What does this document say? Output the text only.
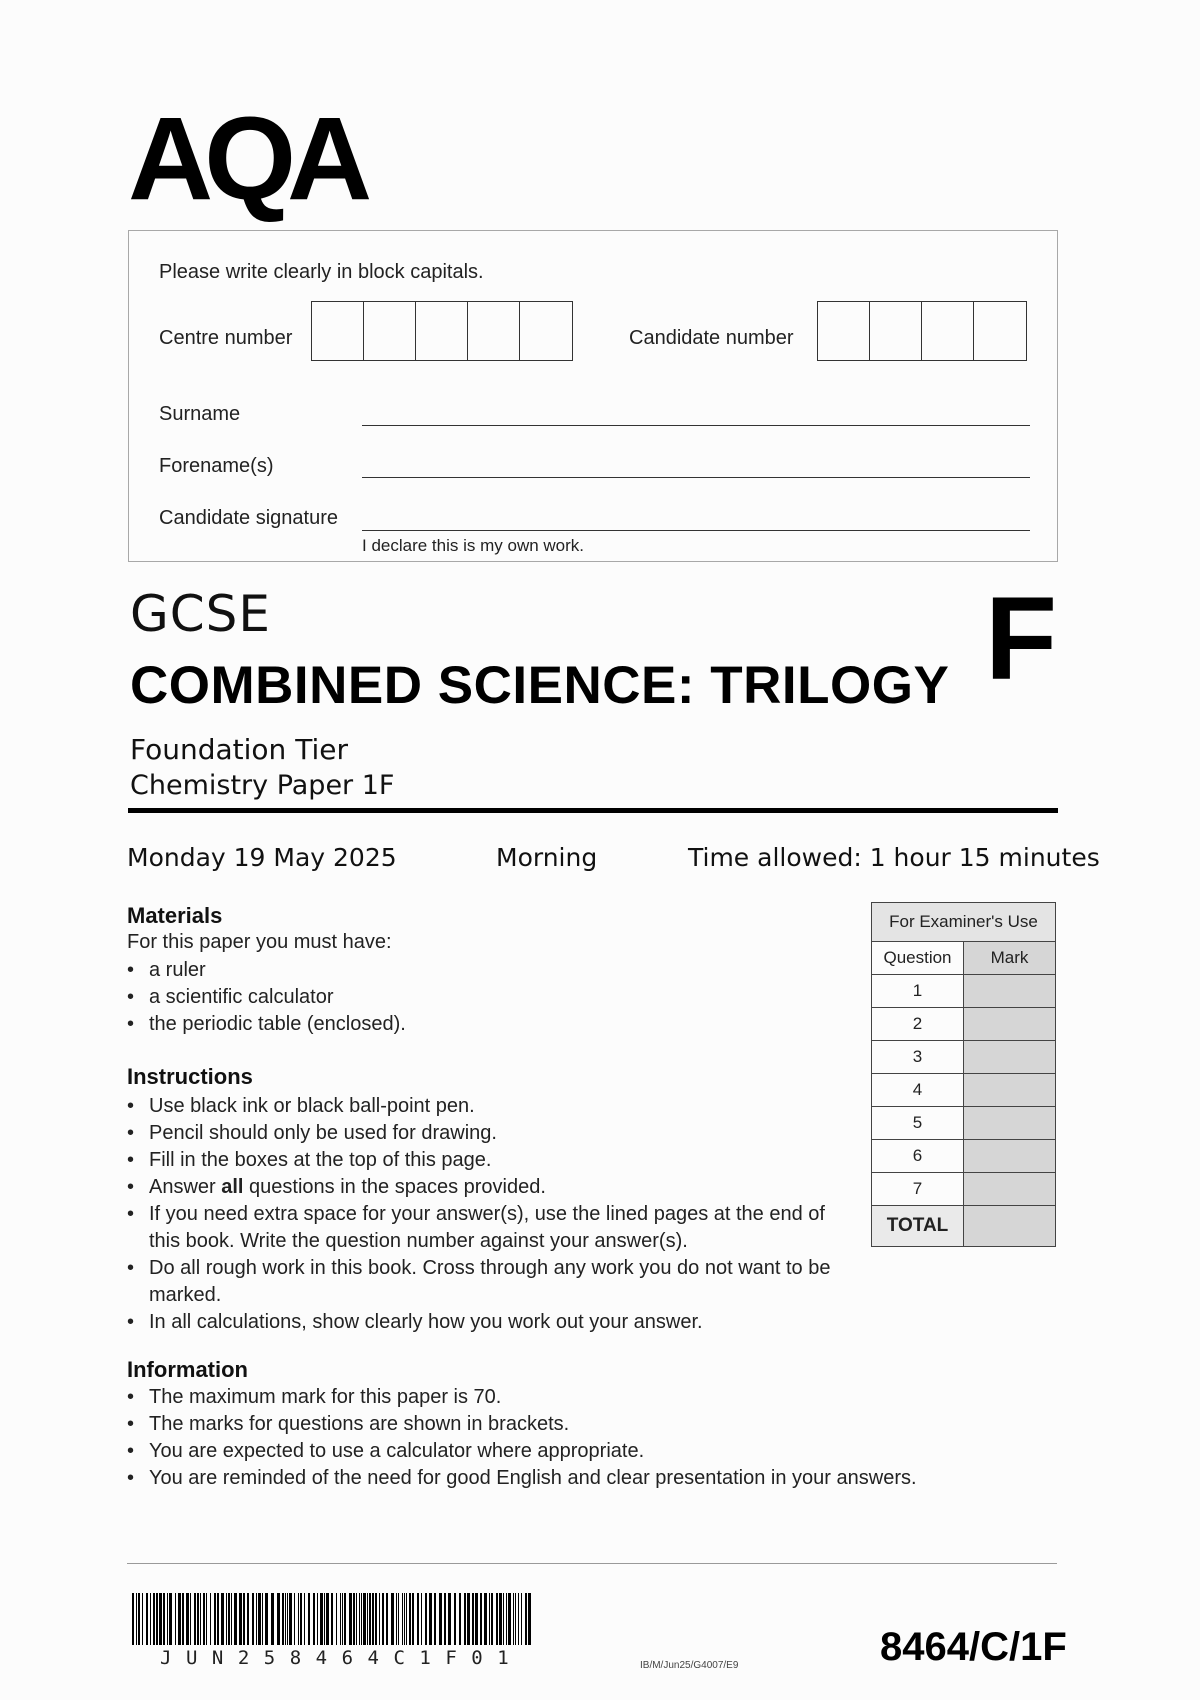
AQA
Please write clearly in block capitals.
Centre number	Candidate number
Surname
Forename(s)
Candidate signature
I declare this is my own work.
GCSE
COMBINED SCIENCE: TRILOGY F
Foundation Tier
Chemistry Paper 1F
Monday 19 May 2025	Morning	Time allowed: 1 hour 15 minutes
Materials
For this paper you must have:
• a ruler
• a scientific calculator
• the periodic table (enclosed).
Instructions
• Use black ink or black ball-point pen.
• Pencil should only be used for drawing.
• Fill in the boxes at the top of this page.
• Answer all questions in the spaces provided.
• If you need extra space for your answer(s), use the lined pages at the end of this book. Write the question number against your answer(s).
• Do all rough work in this book. Cross through any work you do not want to be marked.
• In all calculations, show clearly how you work out your answer.
Information
• The maximum mark for this paper is 70.
• The marks for questions are shown in brackets.
• You are expected to use a calculator where appropriate.
• You are reminded of the need for good English and clear presentation in your answers.
For Examiner's Use	
Question	Mark
1	
2	
3	
4	
5	
6	
7	
TOTAL	
JUN258464C1F01	IB/M/Jun25/G4007/E9	8464/C/1F
